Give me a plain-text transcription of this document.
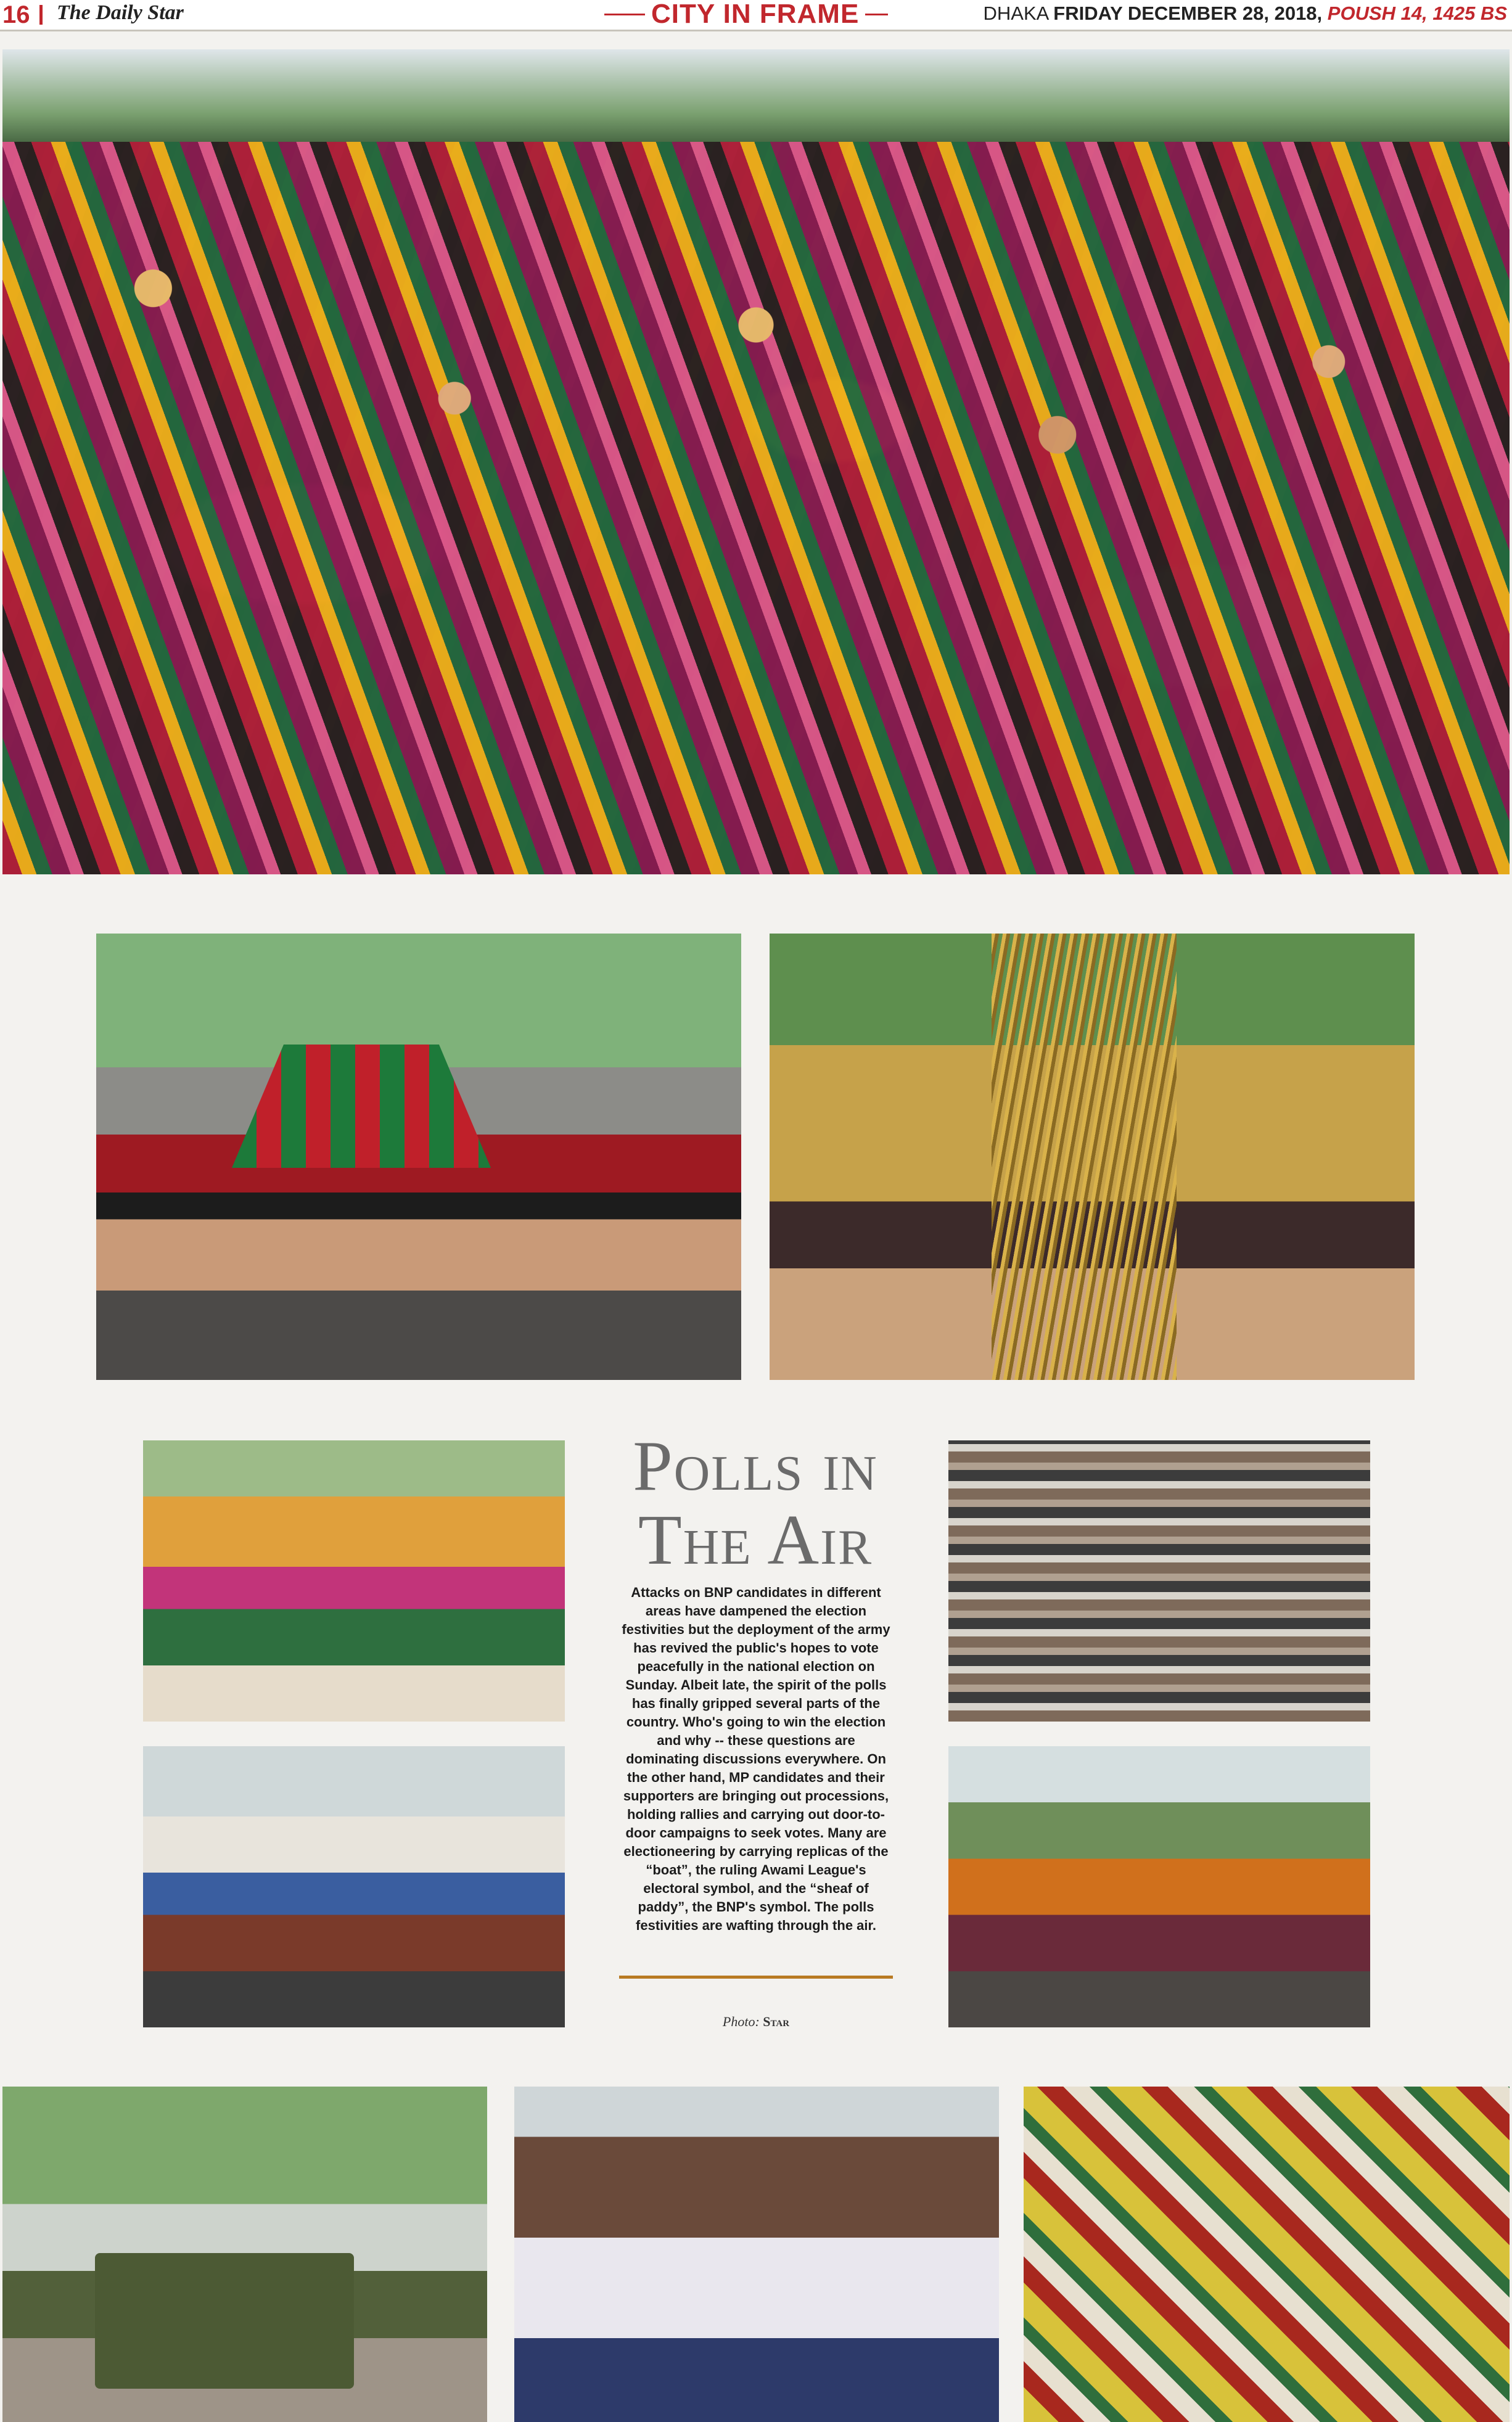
16 The Daily Star	CITY IN FRAME	DHAKA FRIDAY DECEMBER 28, 2018, POUSH 14, 1425 BS
Polls in
The Air
Attacks on BNP candidates in different areas have dampened the election festivities but the deployment of the army has revived the public's hopes to vote peacefully in the national election on Sunday. Albeit late, the spirit of the polls has finally gripped several parts of the country. Who's going to win the election and why -- these questions are dominating discussions everywhere. On the other hand, MP candidates and their supporters are bringing out processions, holding rallies and carrying out door-to-door campaigns to seek votes. Many are electioneering by carrying replicas of the “boat”, the ruling Awami League's electoral symbol, and the “sheaf of paddy”, the BNP's symbol. The polls festivities are wafting through the air.
Photo: Star
